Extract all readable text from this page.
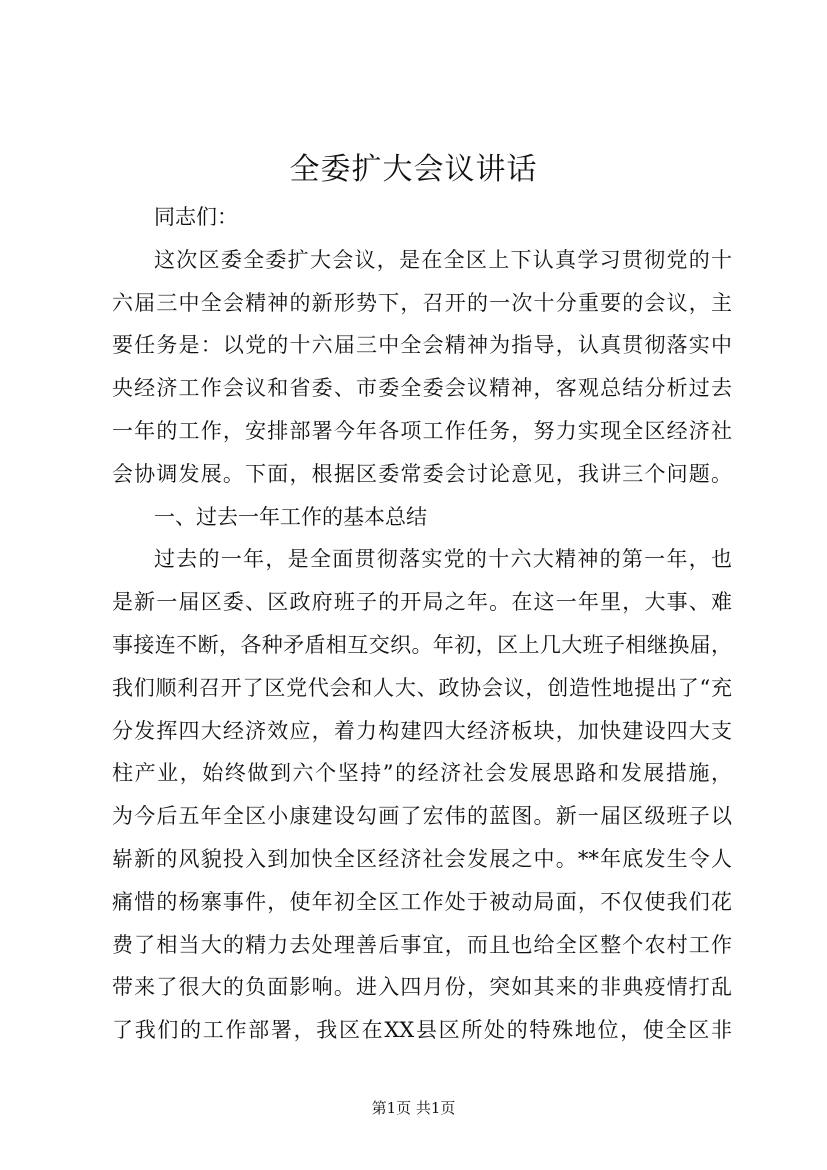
全委扩大会议讲话
同志们：
这次区委全委扩大会议，是在全区上下认真学习贯彻党的十
六届三中全会精神的新形势下，召开的一次十分重要的会议，主
要任务是：以党的十六届三中全会精神为指导，认真贯彻落实中
央经济工作会议和省委、市委全委会议精神，客观总结分析过去
一年的工作，安排部署今年各项工作任务，努力实现全区经济社
会协调发展。下面，根据区委常委会讨论意见，我讲三个问题。
一、过去一年工作的基本总结
过去的一年，是全面贯彻落实党的十六大精神的第一年，也
是新一届区委、区政府班子的开局之年。在这一年里，大事、难
事接连不断，各种矛盾相互交织。年初，区上几大班子相继换届，
我们顺利召开了区党代会和人大、政协会议，创造性地提出了“充
分发挥四大经济效应，着力构建四大经济板块，加快建设四大支
柱产业，始终做到六个坚持”的经济社会发展思路和发展措施，
为今后五年全区小康建设勾画了宏伟的蓝图。新一届区级班子以
崭新的风貌投入到加快全区经济社会发展之中。**年底发生令人
痛惜的杨寨事件，使年初全区工作处于被动局面，不仅使我们花
费了相当大的精力去处理善后事宜，而且也给全区整个农村工作
带来了很大的负面影响。进入四月份，突如其来的非典疫情打乱
了我们的工作部署，我区在XX县区所处的特殊地位，使全区非
第1页 共1页
